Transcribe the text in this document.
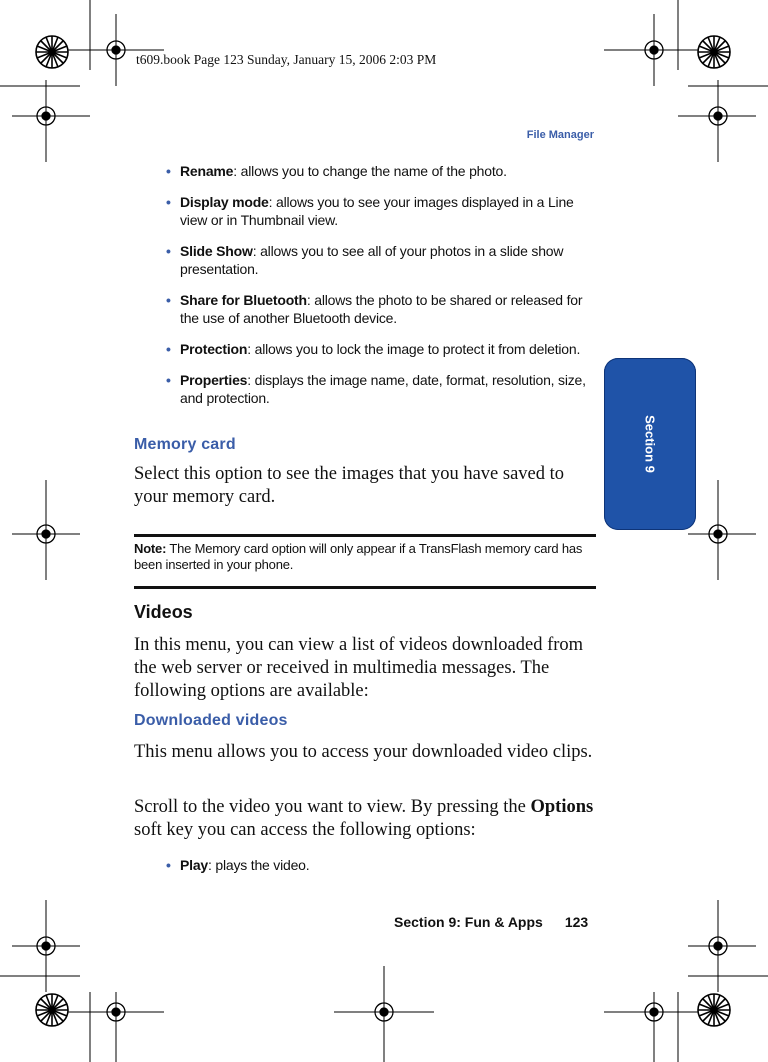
t609.book Page 123 Sunday, January 15, 2006 2:03 PM
File Manager
Section 9
• Rename: allows you to change the name of the photo.
• Display mode: allows you to see your images displayed in a Line view or in Thumbnail view.
• Slide Show: allows you to see all of your photos in a slide show presentation.
• Share for Bluetooth: allows the photo to be shared or released for the use of another Bluetooth device.
• Protection: allows you to lock the image to protect it from deletion.
• Properties: displays the image name, date, format, resolution, size, and protection.
Memory card
Select this option to see the images that you have saved to your memory card.
Note: The Memory card option will only appear if a TransFlash memory card has been inserted in your phone.
Videos
In this menu, you can view a list of videos downloaded from the web server or received in multimedia messages. The following options are available:
Downloaded videos
This menu allows you to access your downloaded video clips.
Scroll to the video you want to view. By pressing the Options soft key you can access the following options:
• Play: plays the video.
Section 9: Fun & Apps 123
